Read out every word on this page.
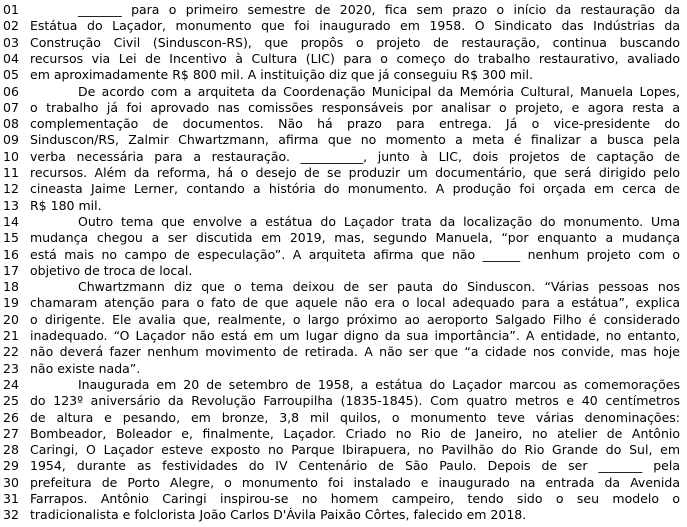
01	_______ para o primeiro semestre de 2020, fica sem prazo o início da restauração da
02 Estátua do Laçador, monumento que foi inaugurado em 1958. O Sindicato das Indústrias da
03 Construção Civil (Sinduscon-RS), que propôs o projeto de restauração, continua buscando
04 recursos via Lei de Incentivo à Cultura (LIC) para o começo do trabalho restaurativo, avaliado
05 em aproximadamente R$ 800 mil. A instituição diz que já conseguiu R$ 300 mil.
06	De acordo com a arquiteta da Coordenação Municipal da Memória Cultural, Manuela Lopes,
07 o trabalho já foi aprovado nas comissões responsáveis por analisar o projeto, e agora resta a
08 complementação de documentos. Não há prazo para entrega. Já o vice-presidente do
09 Sinduscon/RS, Zalmir Chwartzmann, afirma que no momento a meta é finalizar a busca pela
10 verba necessária para a restauração. __________, junto à LIC, dois projetos de captação de
11 recursos. Além da reforma, há o desejo de se produzir um documentário, que será dirigido pelo
12 cineasta Jaime Lerner, contando a história do monumento. A produção foi orçada em cerca de
13 R$ 180 mil.
14	Outro tema que envolve a estátua do Laçador trata da localização do monumento. Uma
15 mudança chegou a ser discutida em 2019, mas, segundo Manuela, “por enquanto a mudança
16 está mais no campo de especulação”. A arquiteta afirma que não ______ nenhum projeto com o
17 objetivo de troca de local.
18	Chwartzmann diz que o tema deixou de ser pauta do Sinduscon. “Várias pessoas nos
19 chamaram atenção para o fato de que aquele não era o local adequado para a estátua”, explica
20 o dirigente. Ele avalia que, realmente, o largo próximo ao aeroporto Salgado Filho é considerado
21 inadequado. “O Laçador não está em um lugar digno da sua importância”. A entidade, no entanto,
22 não deverá fazer nenhum movimento de retirada. A não ser que “a cidade nos convide, mas hoje
23 não existe nada”.
24	Inaugurada em 20 de setembro de 1958, a estátua do Laçador marcou as comemorações
25 do 123º aniversário da Revolução Farroupilha (1835-1845). Com quatro metros e 40 centímetros
26 de altura e pesando, em bronze, 3,8 mil quilos, o monumento teve várias denominações:
27 Bombeador, Boleador e, finalmente, Laçador. Criado no Rio de Janeiro, no atelier de Antônio
28 Caringi, O Laçador esteve exposto no Parque Ibirapuera, no Pavilhão do Rio Grande do Sul, em
29 1954, durante as festividades do IV Centenário de São Paulo. Depois de ser _______ pela
30 prefeitura de Porto Alegre, o monumento foi instalado e inaugurado na entrada da Avenida
31 Farrapos. Antônio Caringi inspirou-se no homem campeiro, tendo sido o seu modelo o
32 tradicionalista e folclorista João Carlos D'Ávila Paixão Côrtes, falecido em 2018.
